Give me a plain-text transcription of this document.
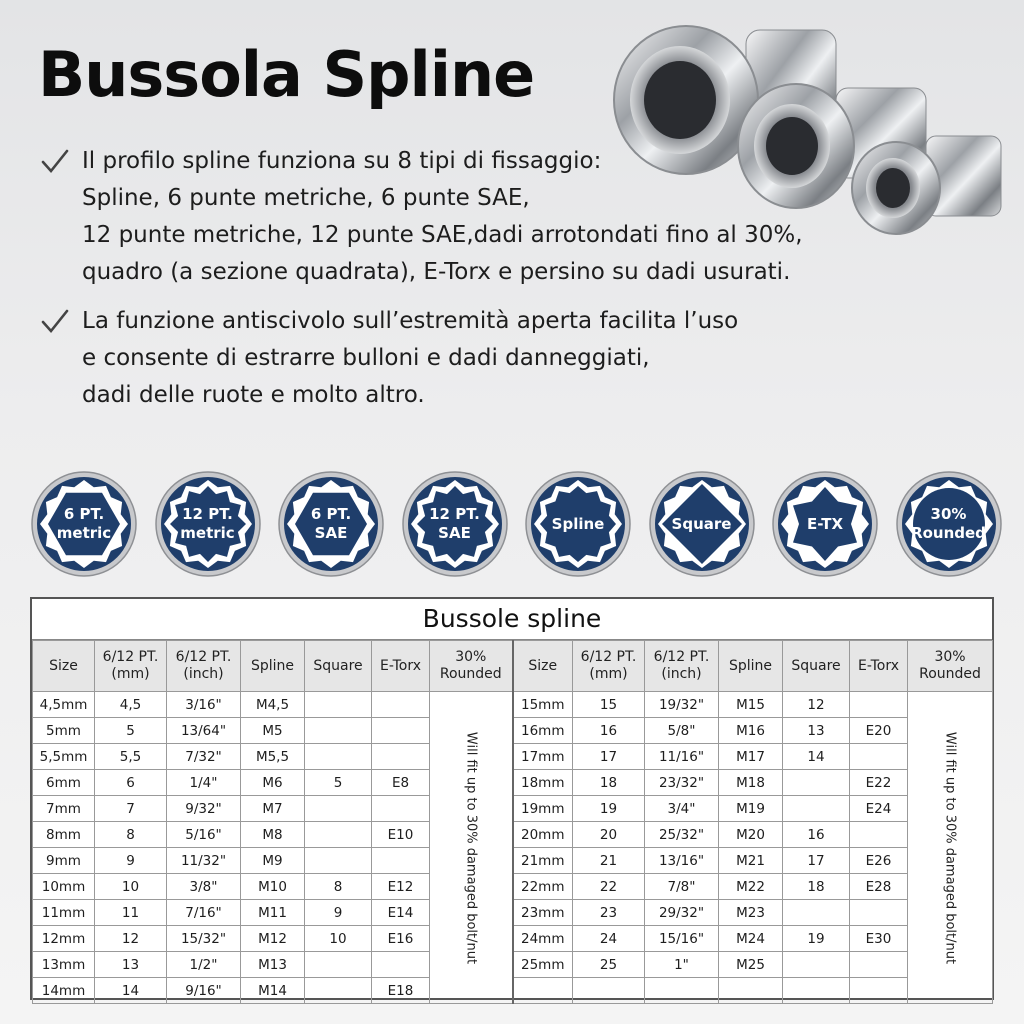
Bussola Spline
Il profilo spline funziona su 8 tipi di fissaggio:
Spline, 6 punte metriche, 6 punte SAE,
12 punte metriche, 12 punte SAE,dadi arrotondati fino al 30%,
quadro (a sezione quadrata), E-Torx e persino su dadi usurati.
La funzione antiscivolo sull’estremità aperta facilita l’uso
e consente di estrarre bulloni e dadi danneggiati,
dadi delle ruote e molto altro.
6 PT.
metric
12 PT.
metric
6 PT.
SAE
12 PT.
SAE
Spline	Square	E-TX
30%
Rounded
Bussole spline
Size	6/12 PT.
(mm)	6/12 PT.
(inch)	Spline	Square	E-Torx	30%
Rounded	Size	6/12 PT.
(mm)	6/12 PT.
(inch)	Spline	Square	E-Torx	30%
Rounded
4,5mm	4,5	3/16"	M4,5			Will fit up to 30% damaged bolt/nut	15mm	15	19/32"	M15	12		Will fit up to 30% damaged bolt/nut

5mm	5	13/64"	M5				16mm	16	5/8"	M16	13	E20	
5,5mm	5,5	7/32"	M5,5				17mm	17	11/16"	M17	14		
6mm	6	1/4"	M6	5	E8		18mm	18	23/32"	M18		E22	
7mm	7	9/32"	M7				19mm	19	3/4"	M19		E24	
8mm	8	5/16"	M8		E10		20mm	20	25/32"	M20	16		
9mm	9	11/32"	M9				21mm	21	13/16"	M21	17	E26	
10mm	10	3/8"	M10	8	E12		22mm	22	7/8"	M22	18	E28	
11mm	11	7/16"	M11	9	E14		23mm	23	29/32"	M23			
12mm	12	15/32"	M12	10	E16		24mm	24	15/16"	M24	19	E30	
13mm	13	1/2"	M13				25mm	25	1"	M25			
14mm	14	9/16"	M14		E18								
